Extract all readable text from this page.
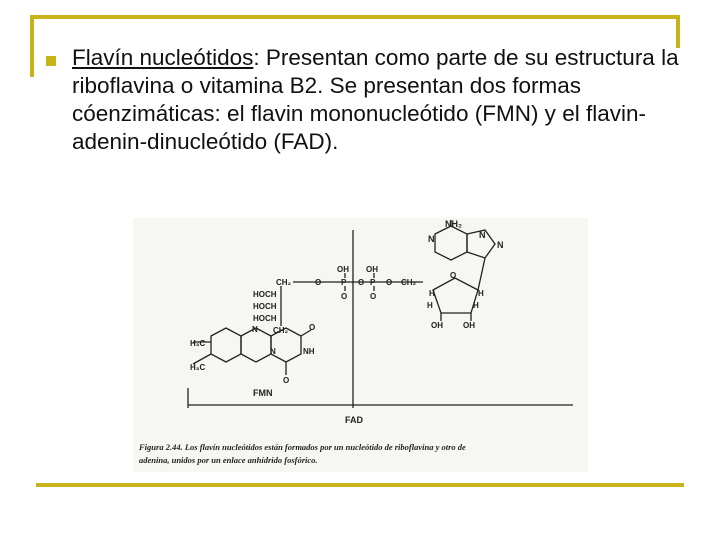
Flavín nucleótidos: Presentan como parte de su estructura la riboflavina o vitamina B2. Se presentan dos formas cóenzimáticas: el flavin mononucleótido (FMN) y el flavin-adenin-dinucleótido (FAD).
NH₂
N	N
N
OH OH
CH₂	O P O P O CH₂
O	O
O
H	H
H	H
OH	OH
HOCH
HOCH
HOCH
CH₂
H₃C
H₃C
N
N	NH
O
O
FMN
FAD
Figura 2.44. Los flavín nucleótidos están formados por un nucleótido de riboflavina y otro de
adenina, unidos por un enlace anhídrido fosfórico.
